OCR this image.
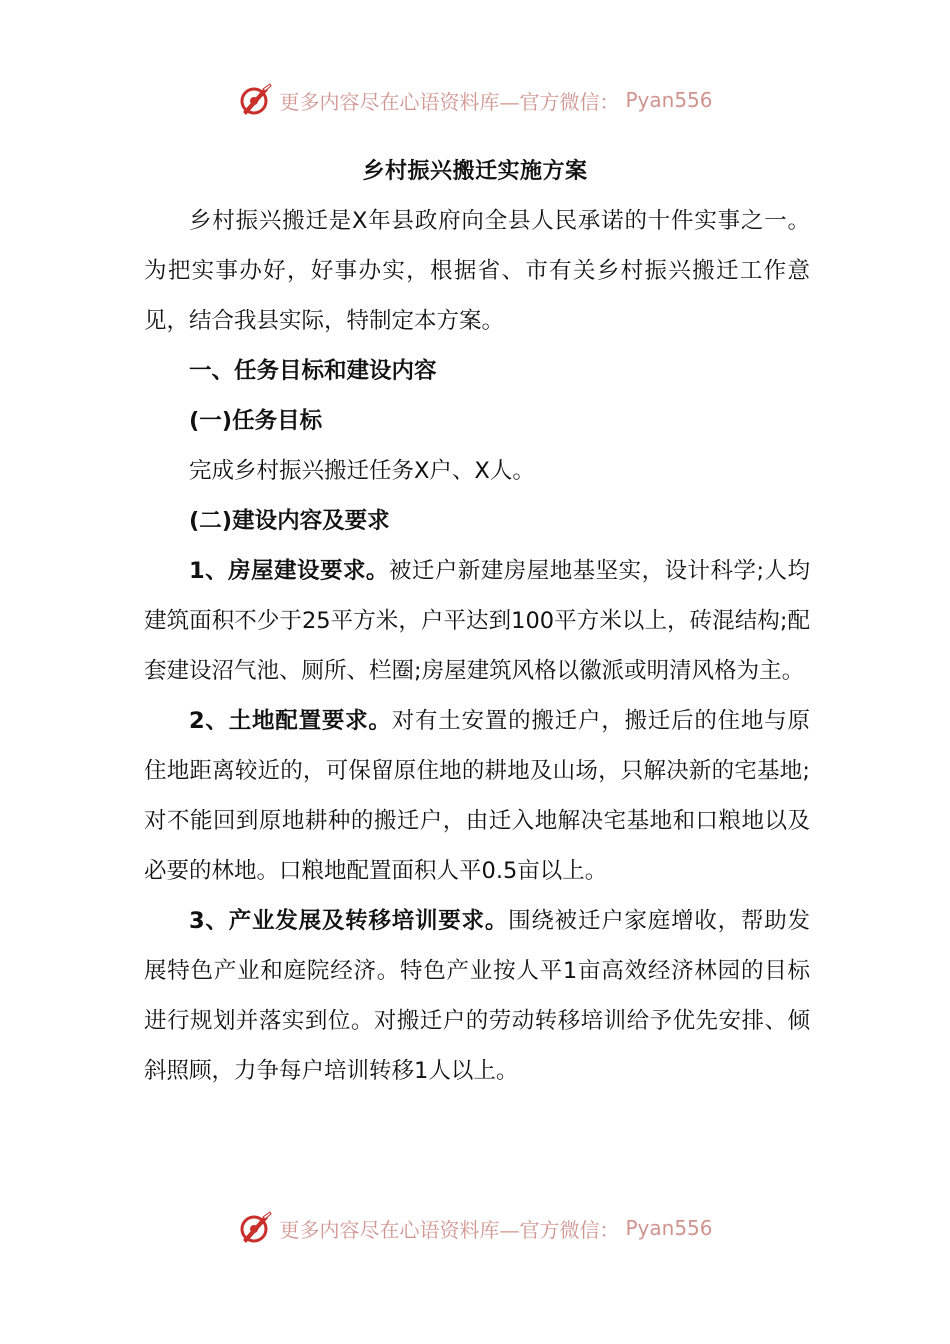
更多内容尽在心语资料库—官方微信： Pyan556
乡村振兴搬迁实施方案

乡村振兴搬迁是Ⅹ年县政府向全县人民承诺的十件实事之一。为把实事办好，好事办实，根据省、市有关乡村振兴搬迁工作意见，结合我县实际，特制定本方案。

一、任务目标和建设内容

(一)任务目标

完成乡村振兴搬迁任务Ⅹ户、Ⅹ人。

(二)建设内容及要求

1、房屋建设要求。被迁户新建房屋地基坚实，设计科学;人均建筑面积不少于25平方米，户平达到100平方米以上，砖混结构;配套建设沼气池、厕所、栏圈;房屋建筑风格以徽派或明清风格为主。

2、土地配置要求。对有土安置的搬迁户，搬迁后的住地与原住地距离较近的，可保留原住地的耕地及山场，只解决新的宅基地;对不能回到原地耕种的搬迁户，由迁入地解决宅基地和口粮地以及必要的林地。口粮地配置面积人平0.5亩以上。

3、产业发展及转移培训要求。围绕被迁户家庭增收，帮助发展特色产业和庭院经济。特色产业按人平1亩高效经济林园的目标进行规划并落实到位。对搬迁户的劳动转移培训给予优先安排、倾斜照顾，力争每户培训转移1人以上。

更多内容尽在心语资料库—官方微信： Pyan556
